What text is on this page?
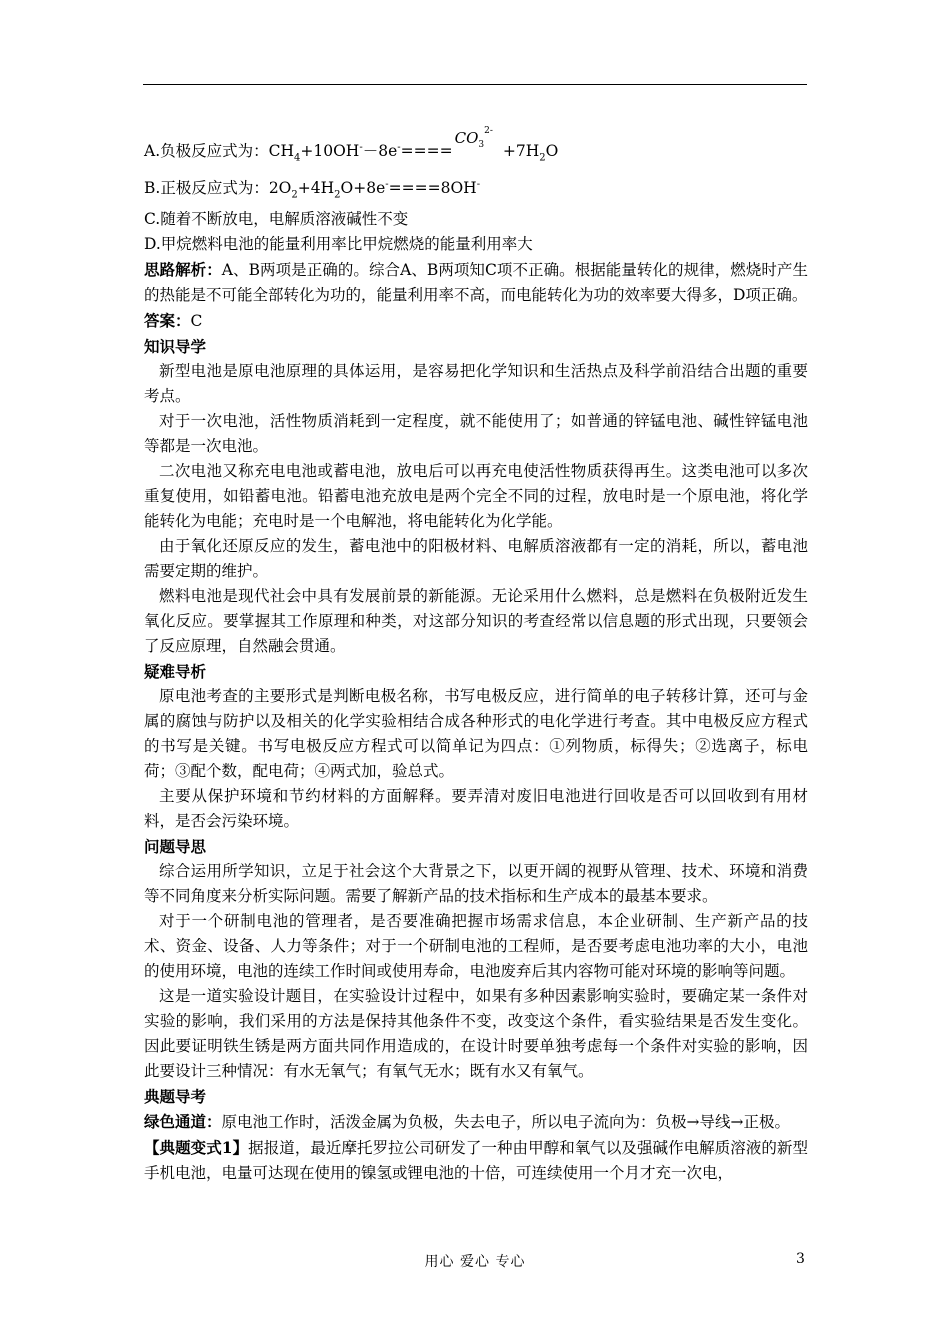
A.负极反应式为：$CH_4+10OH^--8e^-====CO_3^{2-}+7H_2O$
B.正极反应式为：$2O_2+4H_2O+8e^-====8OH^-$
C.随着不断放电，电解质溶液碱性不变
D.甲烷燃料电池的能量利用率比甲烷燃烧的能量利用率大

思路解析：A、B两项是正确的。综合A、B两项知C项不正确。根据能量转化的规律，燃烧时产生的热能是不可能全部转化为功的，能量利用率不高，而电能转化为功的效率要大得多，D项正确。

答案：C
知识导学

新型电池是原电池原理的具体运用，是容易把化学知识和生活热点及科学前沿结合出题的重要考点。

对于一次电池，活性物质消耗到一定程度，就不能使用了；如普通的锌锰电池、碱性锌锰电池等都是一次电池。

二次电池又称充电电池或蓄电池，放电后可以再充电使活性物质获得再生。这类电池可以多次重复使用，如铅蓄电池。铅蓄电池充放电是两个完全不同的过程，放电时是一个原电池，将化学能转化为电能；充电时是一个电解池，将电能转化为化学能。

由于氧化还原反应的发生，蓄电池中的阳极材料、电解质溶液都有一定的消耗，所以，蓄电池需要定期的维护。

燃料电池是现代社会中具有发展前景的新能源。无论采用什么燃料，总是燃料在负极附近发生氧化反应。要掌握其工作原理和种类，对这部分知识的考查经常以信息题的形式出现，只要领会了反应原理，自然融会贯通。

疑难导析

原电池考查的主要形式是判断电极名称，书写电极反应，进行简单的电子转移计算，还可与金属的腐蚀与防护以及相关的化学实验相结合成各种形式的电化学进行考查。其中电极反应方程式的书写是关键。书写电极反应方程式可以简单记为四点：①列物质，标得失；②选离子，标电荷；③配个数，配电荷；④两式加，验总式。

主要从保护环境和节约材料的方面解释。要弄清对废旧电池进行回收是否可以回收到有用材料，是否会污染环境。

问题导思

综合运用所学知识，立足于社会这个大背景之下，以更开阔的视野从管理、技术、环境和消费等不同角度来分析实际问题。需要了解新产品的技术指标和生产成本的最基本要求。

对于一个研制电池的管理者，是否要准确把握市场需求信息，本企业研制、生产新产品的技术、资金、设备、人力等条件；对于一个研制电池的工程师，是否要考虑电池功率的大小，电池的使用环境，电池的连续工作时间或使用寿命，电池废弃后其内容物可能对环境的影响等问题。

这是一道实验设计题目，在实验设计过程中，如果有多种因素影响实验时，要确定某一条件对实验的影响，我们采用的方法是保持其他条件不变，改变这个条件，看实验结果是否发生变化。因此要证明铁生锈是两方面共同作用造成的，在设计时要单独考虑每一个条件对实验的影响，因此要设计三种情况：有水无氧气；有氧气无水；既有水又有氧气。

典题导考

绿色通道：原电池工作时，活泼金属为负极，失去电子，所以电子流向为：负极→导线→正极。

【典题变式1】据报道，最近摩托罗拉公司研发了一种由甲醇和氧气以及强碱作电解质溶液的新型手机电池，电量可达现在使用的镍氢或锂电池的十倍，可连续使用一个月才充一次电，

用心 爱心 专心	3
